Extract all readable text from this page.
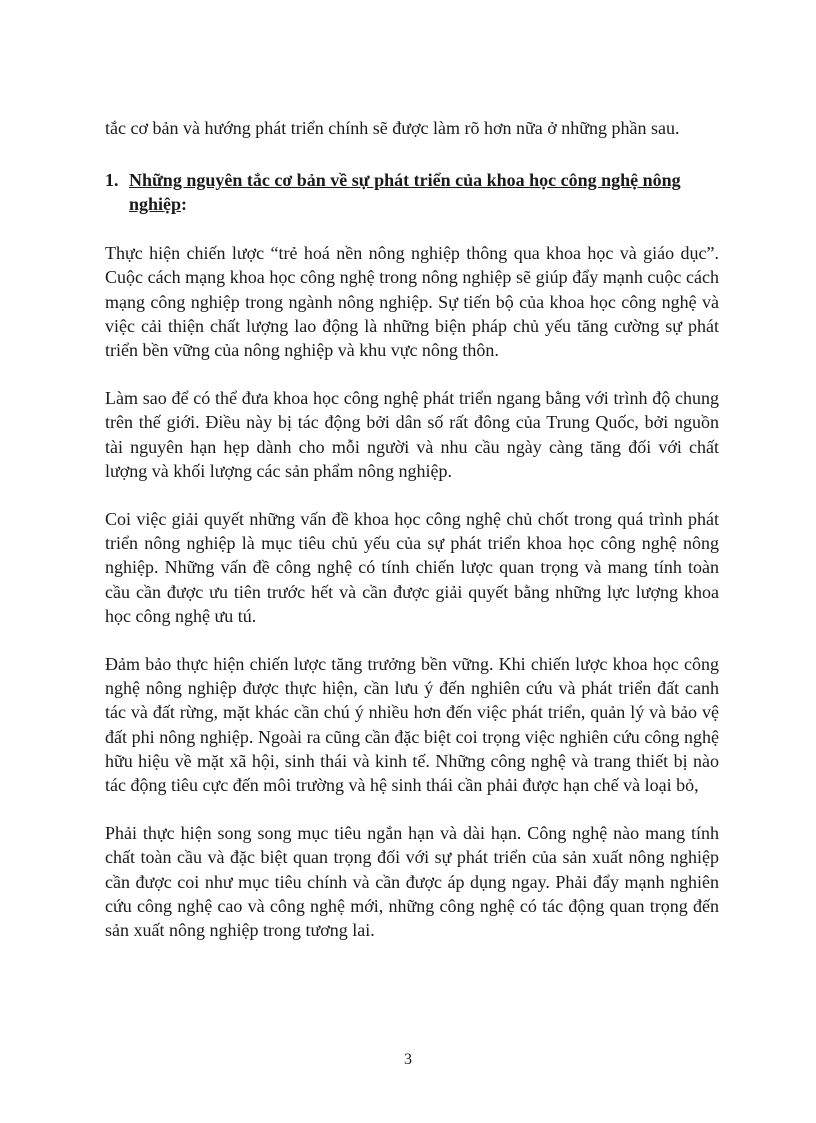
tắc cơ bản và hướng phát triển chính sẽ được làm rõ hơn nữa ở những phần sau.

1. Những nguyên tắc cơ bản về sự phát triển của khoa học công nghệ nông nghiệp:

Thực hiện chiến lược “trẻ hoá nền nông nghiệp thông qua khoa học và giáo dục”. Cuộc cách mạng khoa học công nghệ trong nông nghiệp sẽ giúp đẩy mạnh cuộc cách mạng công nghiệp trong ngành nông nghiệp. Sự tiến bộ của khoa học công nghệ và việc cải thiện chất lượng lao động là những biện pháp chủ yếu tăng cường sự phát triển bền vững của nông nghiệp và khu vực nông thôn.

Làm sao để có thể đưa khoa học công nghệ phát triển ngang bằng với trình độ chung trên thế giới. Điều này bị tác động bởi dân số rất đông của Trung Quốc, bởi nguồn tài nguyên hạn hẹp dành cho mỗi người và nhu cầu ngày càng tăng đối với chất lượng và khối lượng các sản phẩm nông nghiệp.

Coi việc giải quyết những vấn đề khoa học công nghệ chủ chốt trong quá trình phát triển nông nghiệp là mục tiêu chủ yếu của sự phát triển khoa học công nghệ nông nghiệp. Những vấn đề công nghệ có tính chiến lược quan trọng và mang tính toàn cầu cần được ưu tiên trước hết và cần được giải quyết bằng những lực lượng khoa học công nghệ ưu tú.

Đảm bảo thực hiện chiến lược tăng trưởng bền vững. Khi chiến lược khoa học công nghệ nông nghiệp được thực hiện, cần lưu ý đến nghiên cứu và phát triển đất canh tác và đất rừng, mặt khác cần chú ý nhiều hơn đến việc phát triển, quản lý và bảo vệ đất phi nông nghiệp. Ngoài ra cũng cần đặc biệt coi trọng việc nghiên cứu công nghệ hữu hiệu về mặt xã hội, sinh thái và kinh tế. Những công nghệ và trang thiết bị nào tác động tiêu cực đến môi trường và hệ sinh thái cần phải được hạn chế và loại bỏ,

Phải thực hiện song song mục tiêu ngắn hạn và dài hạn. Công nghệ nào mang tính chất toàn cầu và đặc biệt quan trọng đối với sự phát triển của sản xuất nông nghiệp cần được coi như mục tiêu chính và cần được áp dụng ngay. Phải đẩy mạnh nghiên cứu công nghệ cao và công nghệ mới, những công nghệ có tác động quan trọng đến sản xuất nông nghiệp trong tương lai.

3
